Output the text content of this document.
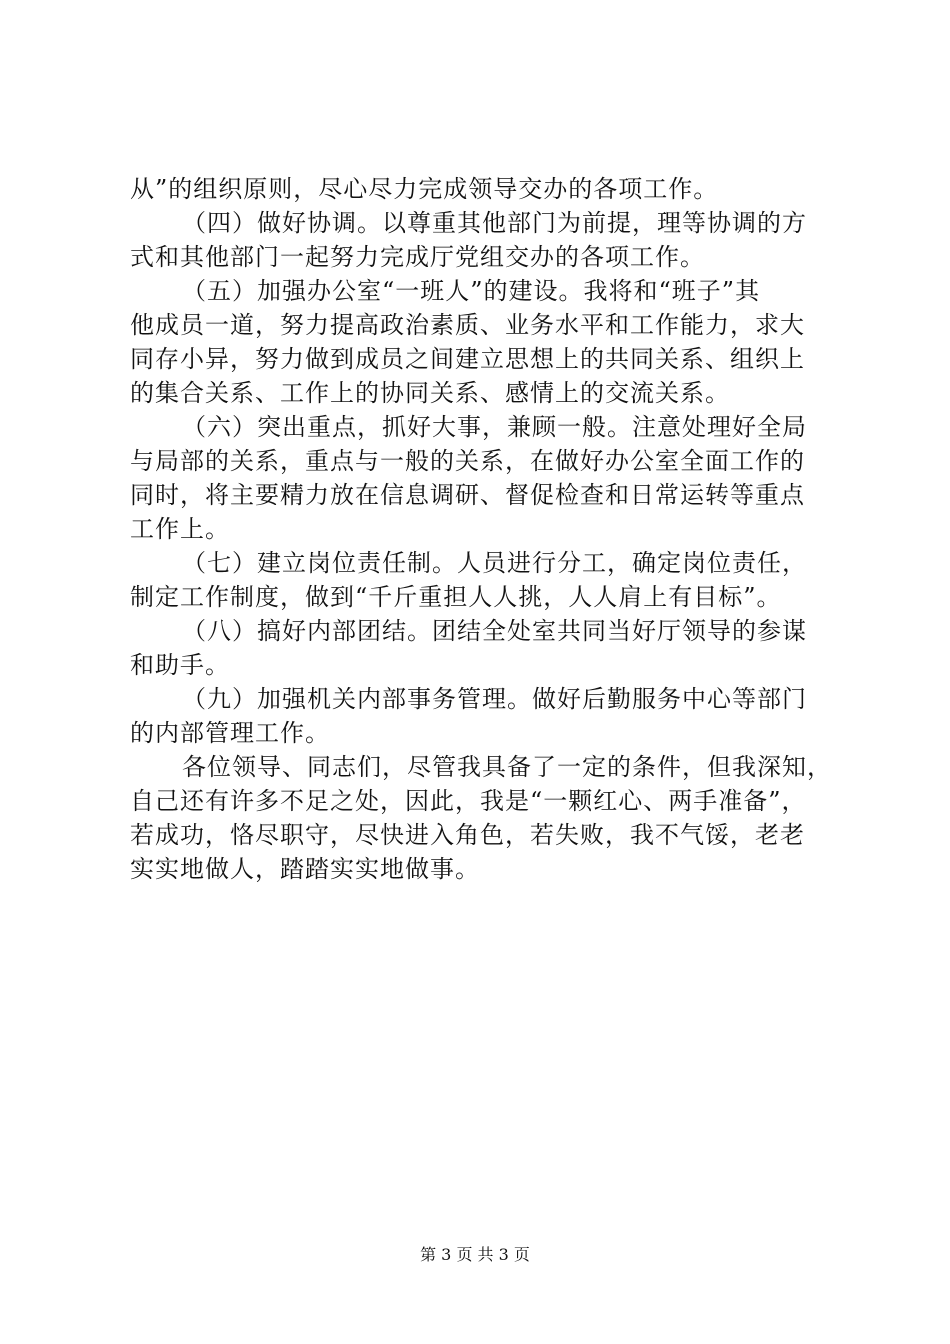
从”的组织原则，尽心尽力完成领导交办的各项工作。
（四）做好协调。以尊重其他部门为前提，理等协调的方
式和其他部门一起努力完成厅党组交办的各项工作。
（五）加强办公室“一班人”的建设。我将和“班子”其
他成员一道，努力提高政治素质、业务水平和工作能力，求大
同存小异，努力做到成员之间建立思想上的共同关系、组织上
的集合关系、工作上的协同关系、感情上的交流关系。
（六）突出重点，抓好大事，兼顾一般。注意处理好全局
与局部的关系，重点与一般的关系，在做好办公室全面工作的
同时，将主要精力放在信息调研、督促检查和日常运转等重点
工作上。
（七）建立岗位责任制。人员进行分工，确定岗位责任，
制定工作制度，做到“千斤重担人人挑，人人肩上有目标”。
（八）搞好内部团结。团结全处室共同当好厅领导的参谋
和助手。
（九）加强机关内部事务管理。做好后勤服务中心等部门
的内部管理工作。
各位领导、同志们，尽管我具备了一定的条件，但我深知，
自己还有许多不足之处，因此，我是“一颗红心、两手准备”，
若成功，恪尽职守，尽快进入角色，若失败，我不气馁，老老
实实地做人，踏踏实实地做事。
第 3 页 共 3 页
